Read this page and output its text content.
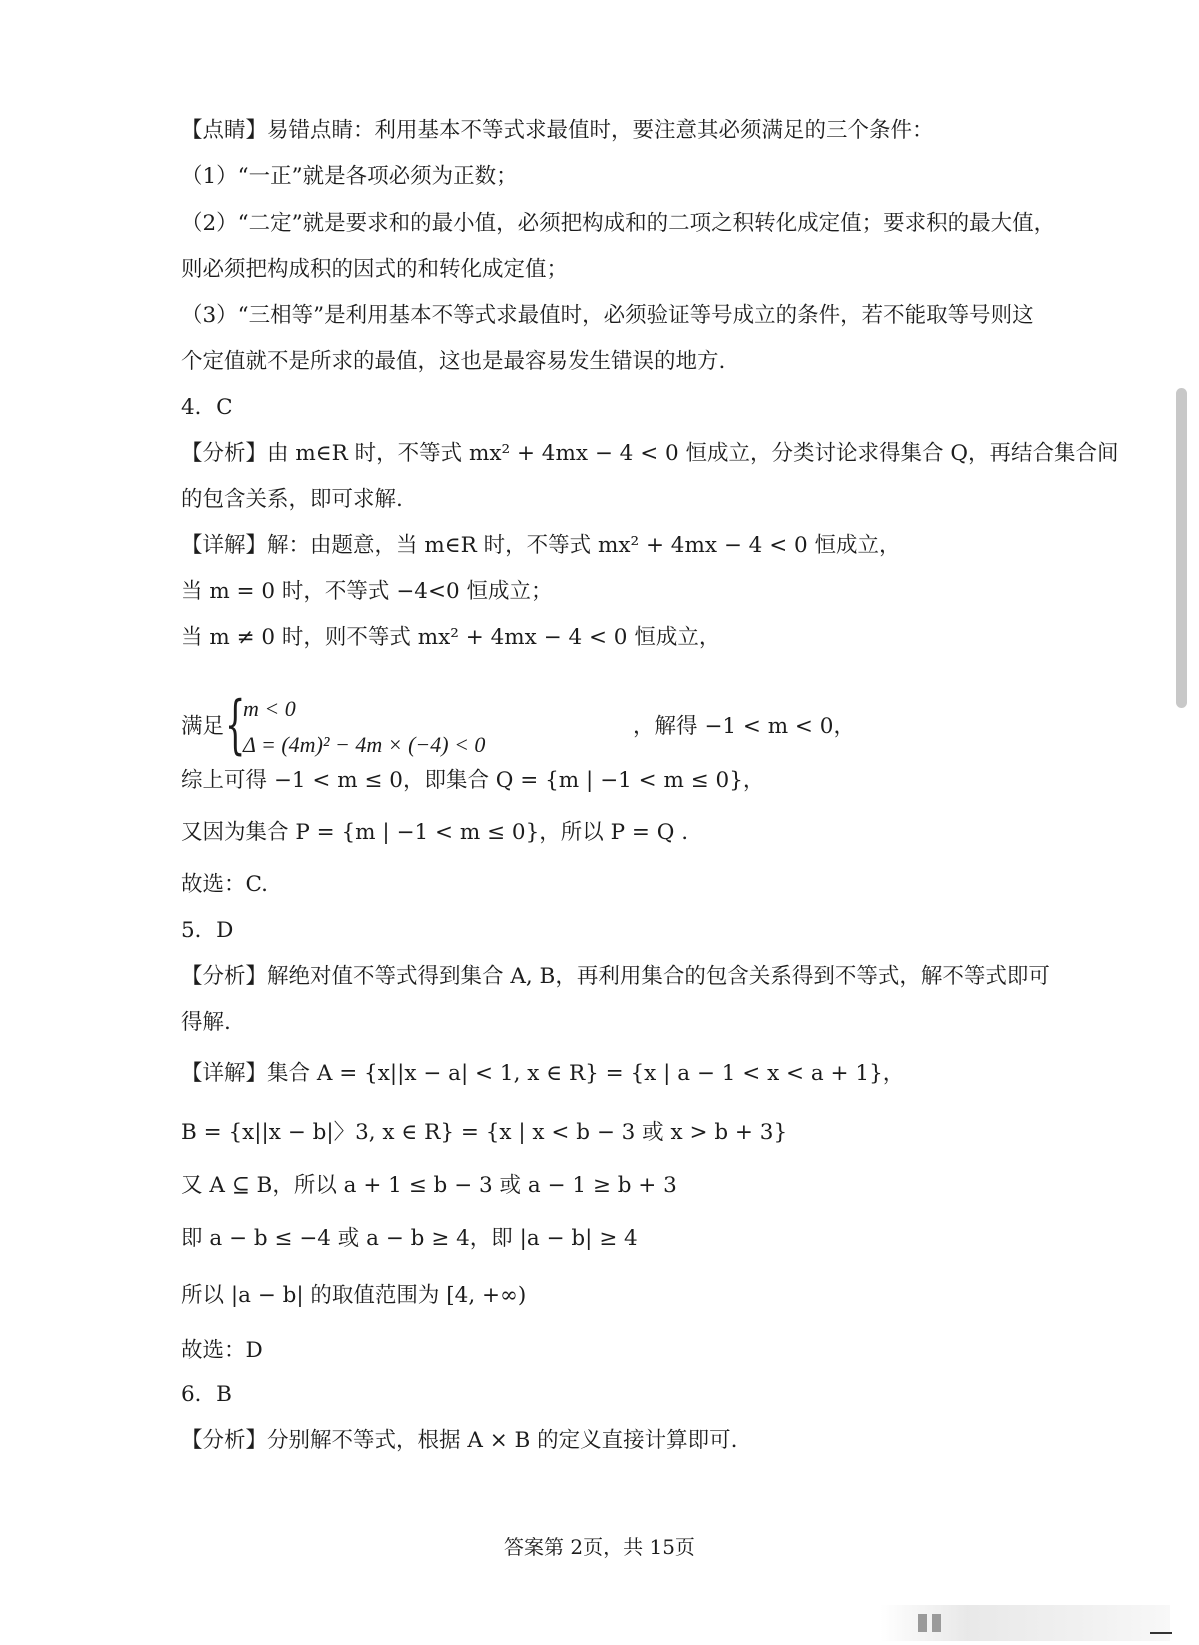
【点睛】易错点睛：利用基本不等式求最值时，要注意其必须满足的三个条件：
（1）“一正”就是各项必须为正数；
（2）“二定”就是要求和的最小值，必须把构成和的二项之积转化成定值；要求积的最大值，
则必须把构成积的因式的和转化成定值；
（3）“三相等”是利用基本不等式求最值时，必须验证等号成立的条件，若不能取等号则这
个定值就不是所求的最值，这也是最容易发生错误的地方.
4．C
【分析】由 m∈R 时，不等式 mx² + 4mx − 4 < 0 恒成立，分类讨论求得集合 Q，再结合集合间
的包含关系，即可求解.
【详解】解：由题意，当 m∈R 时，不等式 mx² + 4mx − 4 < 0 恒成立，
当 m = 0 时，不等式 −4<0 恒成立；
当 m ≠ 0 时，则不等式 mx² + 4mx − 4 < 0 恒成立，
满足 {
m < 0
Δ = (4m)² − 4m × (−4) < 0
，解得 −1 < m < 0，
综上可得 −1 < m ≤ 0，即集合 Q = {m | −1 < m ≤ 0}，
又因为集合 P = {m | −1 < m ≤ 0}，所以 P = Q .
故选：C.
5．D
【分析】解绝对值不等式得到集合 A, B，再利用集合的包含关系得到不等式，解不等式即可
得解.
【详解】集合 A = {x||x − a| < 1, x ∈ R} = {x | a − 1 < x < a + 1}，
B = {x||x − b|〉3, x ∈ R} = {x | x < b − 3 或 x > b + 3}
又 A ⊆ B，所以 a + 1 ≤ b − 3 或 a − 1 ≥ b + 3
即 a − b ≤ −4 或 a − b ≥ 4，即 |a − b| ≥ 4
所以 |a − b| 的取值范围为 [4, +∞)
故选：D
6．B
【分析】分别解不等式，根据 A × B 的定义直接计算即可.
答案第 2页，共 15页
